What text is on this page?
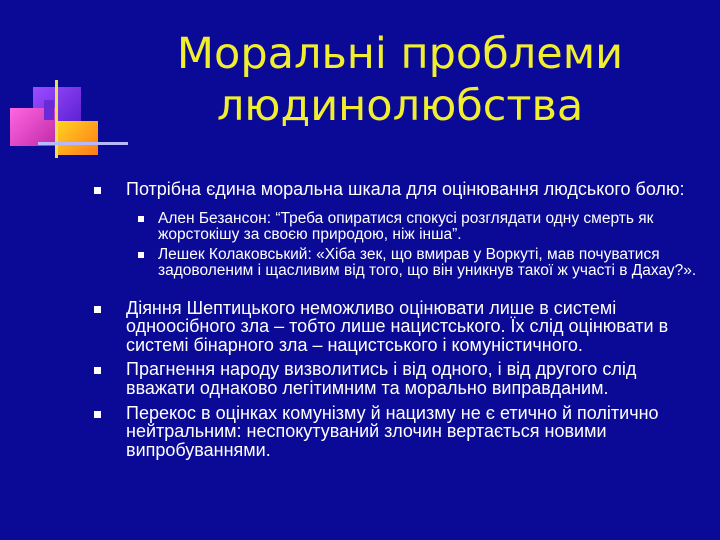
Моральні проблеми
людинолюбства
Потрібна єдина моральна шкала для оцінювання людського болю:
Ален Безансон: “Треба опиратися спокусі розглядати одну смерть як жорстокішу за своєю природою, ніж інша”.
Лешек Колаковський: «Хіба зек, що вмирав у Воркуті, мав почуватися задоволеним і щасливим від того, що він уникнув такої ж участі в Дахау?».
Діяння Шептицького неможливо оцінювати лише в системі одноосібного зла – тобто лише нацистського. Їх слід оцінювати в системі бінарного зла – нацистського і комуністичного.
Прагнення народу визволитись і від одного, і від другого слід вважати однаково легітимним та морально виправданим.
Перекос в оцінках комунізму й нацизму не є етично й політично нейтральним: неспокутуваний злочин вертається новими випробуваннями.
